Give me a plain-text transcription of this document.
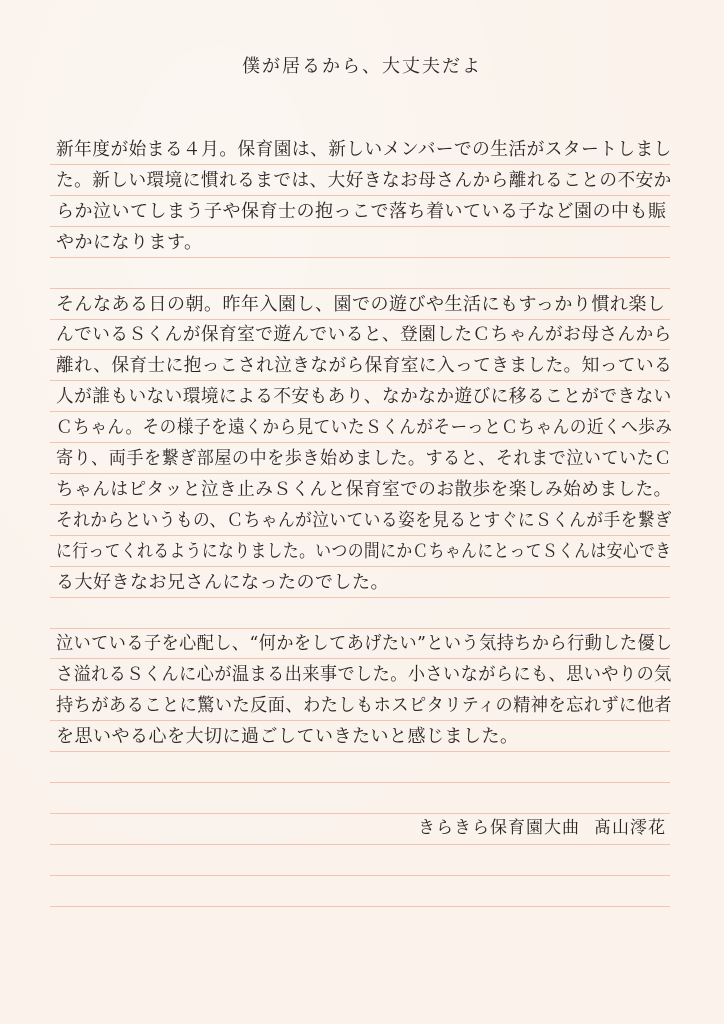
僕が居るから、大丈夫だよ
新年度が始まる４月。保育園は、新しいメンバーでの生活がスタートしまし
た。新しい環境に慣れるまでは、大好きなお母さんから離れることの不安か
らか泣いてしまう子や保育士の抱っこで落ち着いている子など園の中も賑
やかになります。
そんなある日の朝。昨年入園し、園での遊びや生活にもすっかり慣れ楽し
んでいるＳくんが保育室で遊んでいると、登園したＣちゃんがお母さんから
離れ、保育士に抱っこされ泣きながら保育室に入ってきました。知っている
人が誰もいない環境による不安もあり、なかなか遊びに移ることができない
Ｃちゃん。その様子を遠くから見ていたＳくんがそーっとＣちゃんの近くへ歩み
寄り、両手を繋ぎ部屋の中を歩き始めました。すると、それまで泣いていたＣ
ちゃんはピタッと泣き止みＳくんと保育室でのお散歩を楽しみ始めました。
それからというもの、Ｃちゃんが泣いている姿を見るとすぐにＳくんが手を繋ぎ
に行ってくれるようになりました。いつの間にかＣちゃんにとってＳくんは安心でき
る大好きなお兄さんになったのでした。
泣いている子を心配し、“何かをしてあげたい”という気持ちから行動した優し
さ溢れるＳくんに心が温まる出来事でした。小さいながらにも、思いやりの気
持ちがあることに驚いた反面、わたしもホスピタリティの精神を忘れずに他者
を思いやる心を大切に過ごしていきたいと感じました。
きらきら保育園大曲 髙山澪花
